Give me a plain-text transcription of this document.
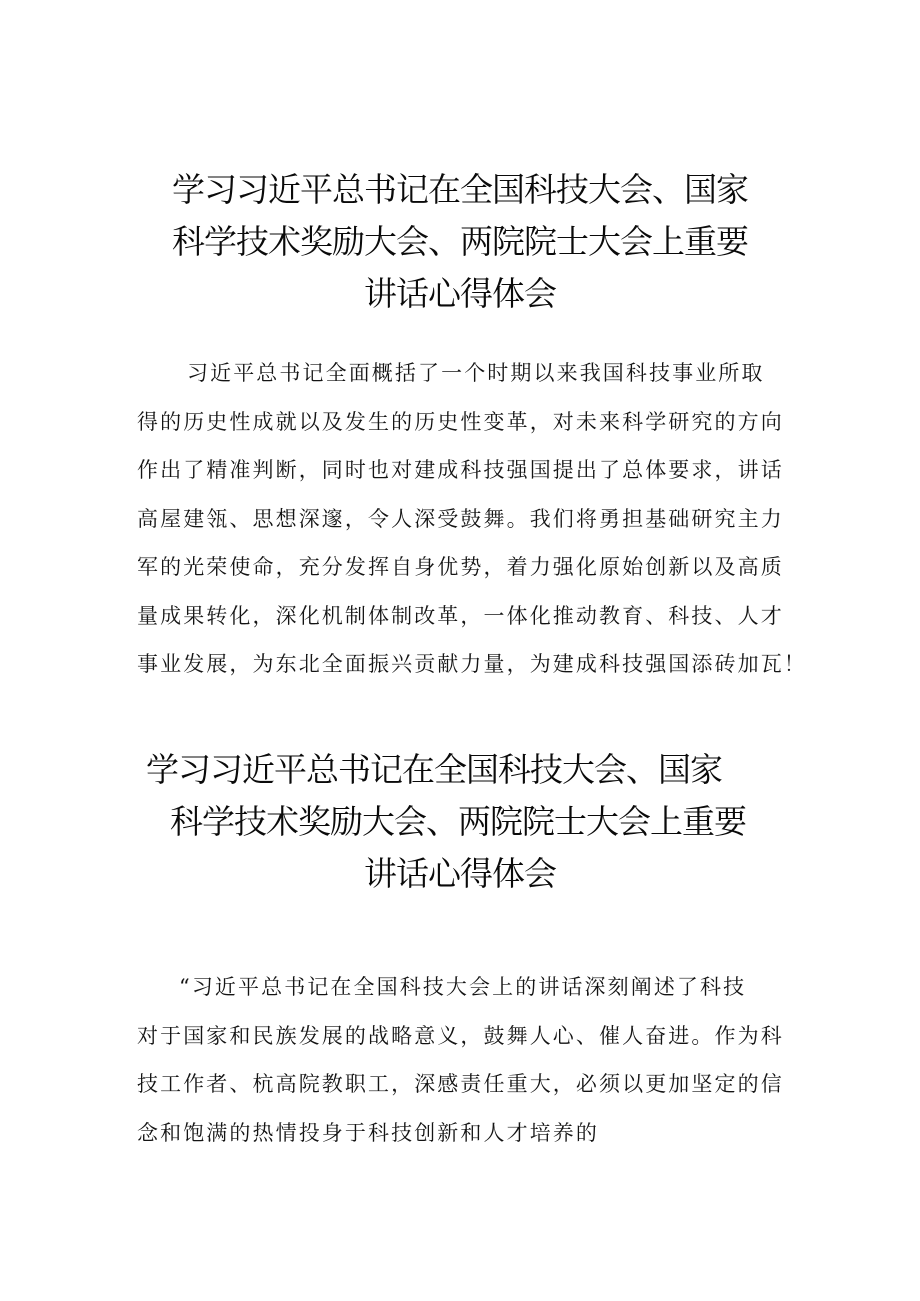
学习习近平总书记在全国科技大会、国家
科学技术奖励大会、两院院士大会上重要
讲话心得体会
习近平总书记全面概括了一个时期以来我国科技事业所取
得的历史性成就以及发生的历史性变革，对未来科学研究的方向
作出了精准判断，同时也对建成科技强国提出了总体要求，讲话
高屋建瓴、思想深邃，令人深受鼓舞。我们将勇担基础研究主力
军的光荣使命，充分发挥自身优势，着力强化原始创新以及高质
量成果转化，深化机制体制改革，一体化推动教育、科技、人才
事业发展，为东北全面振兴贡献力量，为建成科技强国添砖加瓦！
学习习近平总书记在全国科技大会、国家
科学技术奖励大会、两院院士大会上重要
讲话心得体会
“习近平总书记在全国科技大会上的讲话深刻阐述了科技
对于国家和民族发展的战略意义，鼓舞人心、催人奋进。作为科
技工作者、杭高院教职工，深感责任重大，必须以更加坚定的信
念和饱满的热情投身于科技创新和人才培养的
